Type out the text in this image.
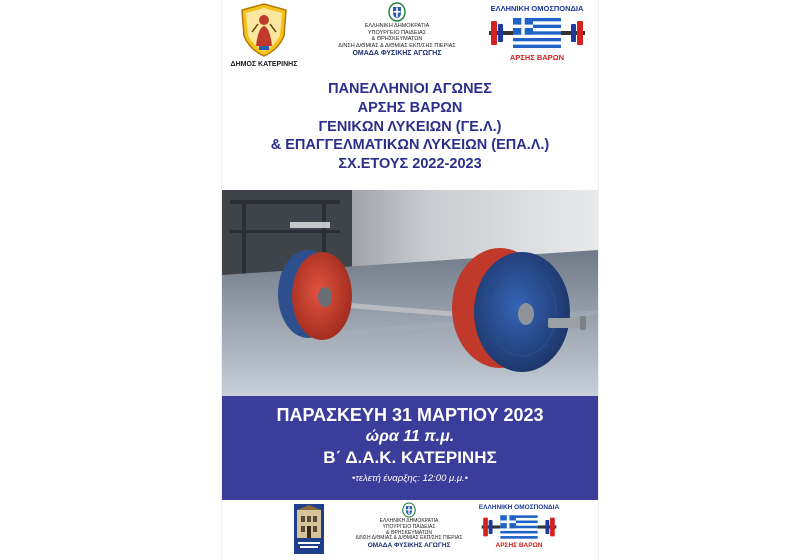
ΔΗΜΟΣ ΚΑΤΕΡΙΝΗΣ
ΕΛΛΗΝΙΚΗ ΔΗΜΟΚΡΑΤΙΑ
ΥΠΟΥΡΓΕΙΟ ΠΑΙΔΕΙΑΣ
& ΘΡΗΣΚΕΥΜΑΤΩΝ
Δ/ΝΣΗ Δ/ΘΜΙΑΣ & Δ/ΘΜΙΑΣ ΕΚΠ/ΣΗΣ ΠΙΕΡΙΑΣ
ΟΜΑΔΑ ΦΥΣΙΚΗΣ ΑΓΩΓΗΣ
ΕΛΛΗΝΙΚΗ ΟΜΟΣΠΟΝΔΙΑ
ΑΡΣΗΣ ΒΑΡΩΝ
ΠΑΝΕΛΛΗΝΙΟΙ ΑΓΩΝΕΣ
ΑΡΣΗΣ ΒΑΡΩΝ
ΓΕΝΙΚΩΝ ΛΥΚΕΙΩΝ (ΓΕ.Λ.)
& ΕΠΑΓΓΕΛΜΑΤΙΚΩΝ ΛΥΚΕΙΩΝ (ΕΠΑ.Λ.)
ΣΧ.ΕΤΟΥΣ 2022-2023
ΠΑΡΑΣΚΕΥΗ 31 ΜΑΡΤΙΟΥ 2023
ώρα 11 π.μ.
Β΄ Δ.Α.Κ. ΚΑΤΕΡΙΝΗΣ
•τελετή έναρξης: 12:00 μ.μ.•
ΕΛΛΗΝΙΚΗ ΔΗΜΟΚΡΑΤΙΑ
ΥΠΟΥΡΓΕΙΟ ΠΑΙΔΕΙΑΣ
& ΘΡΗΣΚΕΥΜΑΤΩΝ
Δ/ΝΣΗ Δ/ΘΜΙΑΣ & Δ/ΘΜΙΑΣ ΕΚΠ/ΣΗΣ ΠΙΕΡΙΑΣ
ΟΜΑΔΑ ΦΥΣΙΚΗΣ ΑΓΩΓΗΣ
ΕΛΛΗΝΙΚΗ ΟΜΟΣΠΟΝΔΙΑ
ΑΡΣΗΣ ΒΑΡΩΝ
